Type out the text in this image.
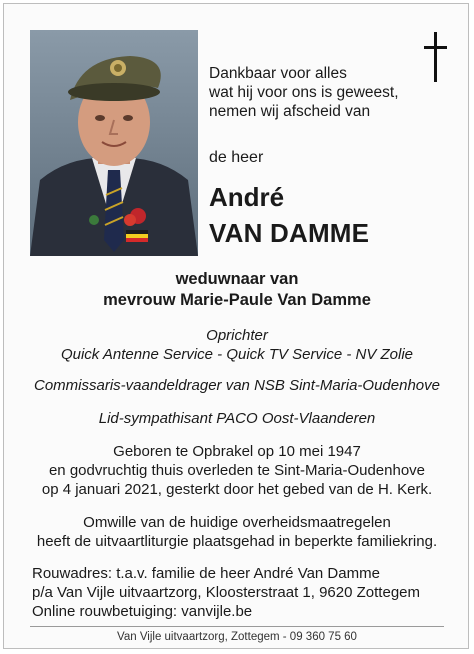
Dankbaar voor alles
wat hij voor ons is geweest,
nemen wij afscheid van
de heer
André
VAN DAMME
weduwnaar van
mevrouw Marie-Paule Van Damme
Oprichter
Quick Antenne Service - Quick TV Service - NV Zolie
Commissaris-vaandeldrager van NSB Sint-Maria-Oudenhove
Lid-sympathisant PACO Oost-Vlaanderen
Geboren te Opbrakel op 10 mei 1947
en godvruchtig thuis overleden te Sint-Maria-Oudenhove
op 4 januari 2021, gesterkt door het gebed van de H. Kerk.
Omwille van de huidige overheidsmaatregelen
heeft de uitvaartliturgie plaatsgehad in beperkte familiekring.
Rouwadres: t.a.v. familie de heer André Van Damme
p/a Van Vijle uitvaartzorg, Kloosterstraat 1, 9620 Zottegem
Online rouwbetuiging: vanvijle.be
Van Vijle uitvaartzorg, Zottegem - 09 360 75 60
